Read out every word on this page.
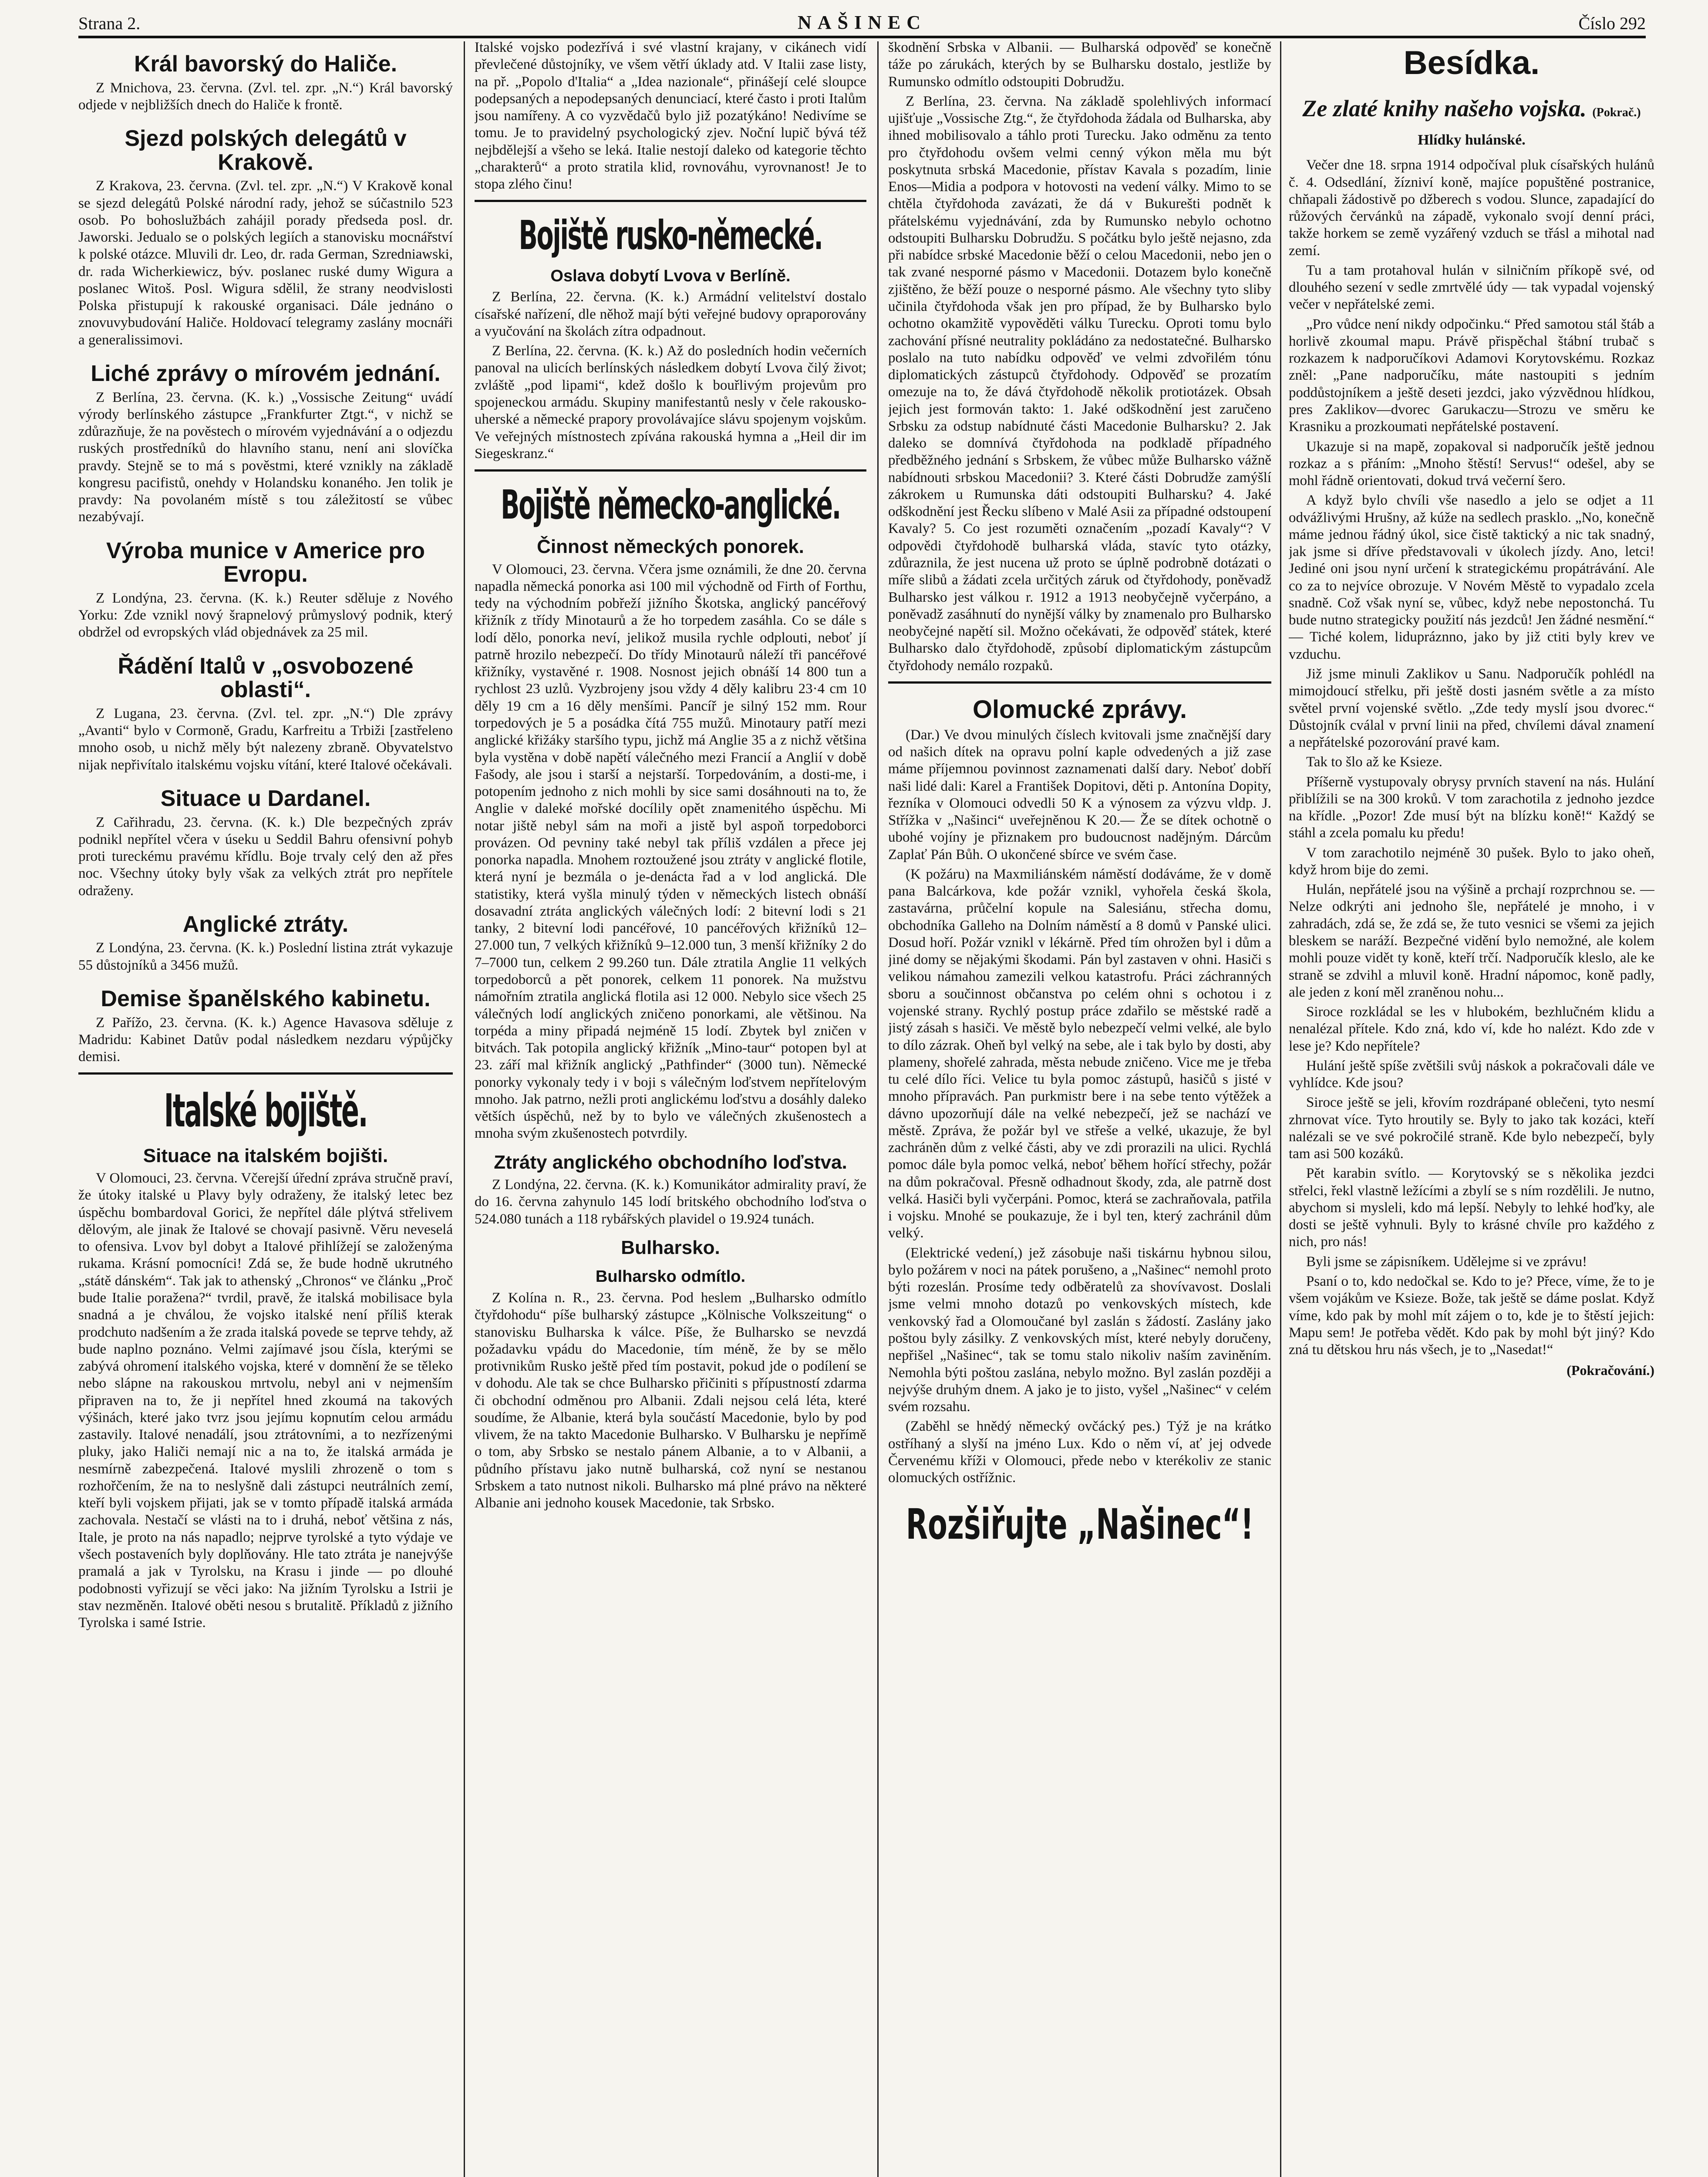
Strana 2.	NAŠINEC	Číslo 292
Král bavorský do Haliče.

Z Mnichova, 23. června. (Zvl. tel. zpr. „N.“) Král bavorský odjede v nejbližších dnech do Haliče k frontě.

Sjezd polských delegátů v Krakově.

Z Krakova, 23. června. (Zvl. tel. zpr. „N.“) V Krakově konal se sjezd delegátů Polské národní rady, jehož se súčastnilo 523 osob. Po bohoslužbách zahájil porady předseda posl. dr. Jaworski. Jedualo se o polských legiích a stanovisku mocnářství k polské otázce. Mluvili dr. Leo, dr. rada German, Szredniawski, dr. rada Wicherkiewicz, býv. poslanec ruské dumy Wigura a poslanec Witoš. Posl. Wigura sdělil, že strany neodvislosti Polska přistupují k rakouské organisaci. Dále jednáno o znovuvybudování Haliče. Holdovací telegramy zaslány mocnáři a generalissimovi.

Liché zprávy o mírovém jednání.

Z Berlína, 23. června. (K. k.) „Vossische Zeitung“ uvádí výrody berlínského zástupce „Frankfurter Ztgt.“, v nichž se zdůrazňuje, že na pověstech o mírovém vyjednávání a o odjezdu ruských prostředníků do hlavního stanu, není ani slovíčka pravdy. Stejně se to má s pověstmi, které vznikly na základě kongresu pacifistů, onehdy v Holandsku konaného. Jen tolik je pravdy: Na povolaném místě s tou záležitostí se vůbec nezabývají.

Výroba munice v Americe pro Evropu.

Z Londýna, 23. června. (K. k.) Reuter sděluje z Nového Yorku: Zde vznikl nový šrapnelový průmyslový podnik, který obdržel od evropských vlád objednávek za 25 mil.

Řádění Italů v „osvobozené oblasti“.

Z Lugana, 23. června. (Zvl. tel. zpr. „N.“) Dle zprávy „Avanti“ bylo v Cormoně, Gradu, Karfreitu a Trbiži [zastřeleno mnoho osob, u nichž měly být nalezeny zbraně. Obyvatelstvo nijak nepřivítalo italskému vojsku vítání, které Italové očekávali.

Situace u Dardanel.

Z Cařihradu, 23. června. (K. k.) Dle bezpečných zpráv podnikl nepřítel včera v úseku u Seddil Bahru ofensivní pohyb proti tureckému pravému křídlu. Boje trvaly celý den až přes noc. Všechny útoky byly však za velkých ztrát pro nepřítele odraženy.

Anglické ztráty.

Z Londýna, 23. června. (K. k.) Poslední listina ztrát vykazuje 55 důstojníků a 3456 mužů.

Demise španělského kabinetu.

Z Pařížo, 23. června. (K. k.) Agence Havasova sděluje z Madridu: Kabinet Datův podal následkem nezdaru výpůjčky demisi.

Italské bojiště.
Situace na italském bojišti.

V Olomouci, 23. června. Včerejší úřední zpráva stručně praví, že útoky italské u Plavy byly odraženy, že italský letec bez úspěchu bombardoval Gorici, že nepřítel dále plýtvá střelivem dělovým, ale jinak že Italové se chovají pasivně. Věru neveselá to ofensiva. Lvov byl dobyt a Italové přihlížejí se založenýma rukama. Krásní pomocníci! Zdá se, že bude hodně ukrutného „státě dánském“. Tak jak to athenský „Chronos“ ve článku „Proč bude Italie poražena?“ tvrdil, pravě, že italská mobilisace byla snadná a je chválou, že vojsko italské není příliš kterak prodchuto nadšením a že zrada italská povede se teprve tehdy, až bude naplno poznáno. Velmi zajímavé jsou čísla, kterými se zabývá ohromení italského vojska, které v domnění že se těleko nebo slápne na rakouskou mrtvolu, nebyl ani v nejmenším připraven na to, že ji nepřítel hned zkoumá na takových výšinách, které jako tvrz jsou jejímu kopnutím celou armádu zastavily. Italové nenadálí, jsou ztrátovními, a to nezřízenými pluky, jako Haliči nemají nic a na to, že italská armáda je nesmírně zabezpečená. Italové myslili zhrozeně o tom s rozhořčením, že na to neslyšně dali zástupci neutrálních zemí, kteří byli vojskem přijati, jak se v tomto případě italská armáda zachovala. Nestačí se vlásti na to i druhá, neboť většina z nás, Itale, je proto na nás napadlo; nejprve tyrolské a tyto výdaje ve všech postaveních byly doplňovány. Hle tato ztráta je nanejvýše pramalá a jak v Tyrolsku, na Krasu i jinde — po dlouhé podobnosti vyřizují se věci jako: Na jižním Tyrolsku a Istrii je stav nezměněn. Italové oběti nesou s brutalitě. Příkladů z jižního Tyrolska i samé Istrie.

Italské vojsko podezřívá i své vlastní krajany, v cikánech vidí převlečené důstojníky, ve všem větří úklady atd. V Italii zase listy, na př. „Popolo d'Italia“ a „Idea nazionale“, přinášejí celé sloupce podepsaných a nepodepsaných denunciací, které často i proti Italům jsou namířeny. A co vyzvědačů bylo již pozatýkáno! Nedivíme se tomu. Je to pravidelný psychologický zjev. Noční lupič bývá též nejbdělejší a všeho se leká. Italie nestojí daleko od kategorie těchto „charakterů“ a proto stratila klid, rovnováhu, vyrovnanost! Je to stopa zlého činu!

Bojiště rusko-německé.
Oslava dobytí Lvova v Berlíně.

Z Berlína, 22. června. (K. k.) Armádní velitelství dostalo císařské nařízení, dle něhož mají býti veřejné budovy opraporovány a vyučování na školách zítra odpadnout.

Z Berlína, 22. června. (K. k.) Až do posledních hodin večerních panoval na ulicích berlínských následkem dobytí Lvova čilý život; zvláště „pod lipami“, kdež došlo k bouřlivým projevům pro spojeneckou armádu. Skupiny manifestantů nesly v čele rakousko-uherské a německé prapory provolávajíce slávu spojenym vojskům. Ve veřejných místnostech zpívána rakouská hymna a „Heil dir im Siegeskranz.“

Bojiště německo-anglické.
Činnost německých ponorek.

V Olomouci, 23. června. Včera jsme oznámili, že dne 20. června napadla německá ponorka asi 100 mil východně od Firth of Forthu, tedy na východním pobřeží jižního Škotska, anglický pancéřový křižník z třídy Minotaurů a že ho torpedem zasáhla. Co se dále s lodí dělo, ponorka neví, jelikož musila rychle odplouti, neboť jí patrně hrozilo nebezpečí. Do třídy Minotaurů náleží tři pancéřové křižníky, vystavěné r. 1908. Nosnost jejich obnáší 14 800 tun a rychlost 23 uzlů. Vyzbrojeny jsou vždy 4 děly kalibru 23·4 cm 10 děly 19 cm a 16 děly menšími. Pancíř je silný 152 mm. Rour torpedových je 5 a posádka čítá 755 mužů. Minotaury patří mezi anglické křižáky staršího typu, jichž má Anglie 35 a z nichž většina byla vystěna v době napětí válečného mezi Francií a Anglií v době Fašody, ale jsou i starší a nejstarší. Torpedováním, a dosti-me, i potopením jednoho z nich mohli by sice sami dosáhnouti na to, že Anglie v daleké mořské docílily opět znamenitého úspěchu. Mi notar jiště nebyl sám na moři a jistě byl aspoň torpedoborci provázen. Od pevniny také nebyl tak příliš vzdálen a přece jej ponorka napadla. Mnohem roztoužené jsou ztráty v anglické flotile, která nyní je bezmála o je-denácta řad a v lod anglická. Dle statistiky, která vyšla minulý týden v německých listech obnáší dosavadní ztráta anglických válečných lodí: 2 bitevní lodi s 21 tanky, 2 bitevní lodi pancéřové, 10 pancéřových křižníků 12–27.000 tun, 7 velkých křižníků 9–12.000 tun, 3 menší křižníky 2 do 7–7000 tun, celkem 2 99.260 tun. Dále ztratila Anglie 11 velkých torpedoborců a pět ponorek, celkem 11 ponorek. Na mužstvu námořním ztratila anglická flotila asi 12 000. Nebylo sice všech 25 válečných lodí anglických zničeno ponorkami, ale většinou. Na torpéda a miny připadá nejméně 15 lodí. Zbytek byl zničen v bitvách. Tak potopila anglický křižník „Mino-taur“ potopen byl at 23. září mal křižník anglický „Pathfinder“ (3000 tun). Německé ponorky vykonaly tedy i v boji s válečným loďstvem nepřítelovým mnoho. Jak patrno, nežli proti anglickému loďstvu a dosáhly daleko větších úspěchů, než by to bylo ve válečných zkušenostech a mnoha svým zkušenostech potvrdily.

Ztráty anglického obchodního loďstva.

Z Londýna, 22. června. (K. k.) Komunikátor admirality praví, že do 16. června zahynulo 145 lodí britského obchodního loďstva o 524.080 tunách a 118 rybářských plavidel o 19.924 tunách.

Bulharsko.
Bulharsko odmítlo.

Z Kolína n. R., 23. června. Pod heslem „Bulharsko odmítlo čtyřdohodu“ píše bulharský zástupce „Kölnische Volkszeitung“ o stanovisku Bulharska k válce. Píše, že Bulharsko se nevzdá požadavku vpádu do Macedonie, tím méně, že by se mělo protivnikům Rusko ještě před tím postavit, pokud jde o podílení se v dohodu. Ale tak se chce Bulharsko přičiniti s přípustností zdarma či obchodní odměnou pro Albanii. Zdali nejsou celá léta, které soudíme, že Albanie, která byla součástí Macedonie, bylo by pod vlivem, že na takto Macedonie Bulharsko. V Bulharsku je nepřímě o tom, aby Srbsko se nestalo pánem Albanie, a to v Albanii, a půdního přístavu jako nutně bulharská, což nyní se nestanou Srbskem a tato nutnost nikoli. Bulharsko má plné právo na některé Albanie ani jednoho kousek Macedonie, tak Srbsko.

škodnění Srbska v Albanii. — Bulharská odpověď se konečně táže po zárukách, kterých by se Bulharsku dostalo, jestliže by Rumunsko odmítlo odstoupiti Dobrudžu.

Z Berlína, 23. června. Na základě spolehlivých informací ujišťuje „Vossische Ztg.“, že čtyřdohoda žádala od Bulharska, aby ihned mobilisovalo a táhlo proti Turecku. Jako odměnu za tento pro čtyřdohodu ovšem velmi cenný výkon měla mu být poskytnuta srbská Macedonie, přístav Kavala s pozadím, linie Enos—Midia a podpora v hotovosti na vedení války. Mimo to se chtěla čtyřdohoda zavázati, že dá v Bukurešti podnět k přátelskému vyjednávání, zda by Rumunsko nebylo ochotno odstoupiti Bulharsku Dobrudžu. S počátku bylo ještě nejasno, zda při nabídce srbské Macedonie běží o celou Macedonii, nebo jen o tak zvané nesporné pásmo v Macedonii. Dotazem bylo konečně zjištěno, že běží pouze o nesporné pásmo. Ale všechny tyto sliby učinila čtyřdohoda však jen pro případ, že by Bulharsko bylo ochotno okamžitě vypověděti válku Turecku. Oproti tomu bylo zachování přísné neutrality pokládáno za nedostatečné. Bulharsko poslalo na tuto nabídku odpověď ve velmi zdvořilém tónu diplomatických zástupců čtyřdohody. Odpověď se prozatím omezuje na to, že dává čtyřdohodě několik protiotázek. Obsah jejich jest formován takto: 1. Jaké odškodnění jest zaručeno Srbsku za odstup nabídnuté části Macedonie Bulharsku? 2. Jak daleko se domnívá čtyřdohoda na podkladě případného předběžného jednání s Srbskem, že vůbec může Bulharsko vážně nabídnouti srbskou Macedonii? 3. Které části Dobrudže zamýšlí zákrokem u Rumunska dáti odstoupiti Bulharsku? 4. Jaké odškodnění jest Řecku slíbeno v Malé Asii za případné odstoupení Kavaly? 5. Co jest rozuměti označením „pozadí Kavaly“? V odpovědi čtyřdohodě bulharská vláda, stavíc tyto otázky, zdůraznila, že jest nucena už proto se úplně podrobně dotázati o míře slibů a žádati zcela určitých záruk od čtyřdohody, poněvadž Bulharsko jest válkou r. 1912 a 1913 neobyčejně vyčerpáno, a poněvadž zasáhnutí do nynější války by znamenalo pro Bulharsko neobyčejné napětí sil. Možno očekávati, že odpověď státek, které Bulharsko dalo čtyřdohodě, způsobí diplomatickým zástupcům čtyřdohody nemálo rozpaků.

Olomucké zprávy.

(Dar.) Ve dvou minulých číslech kvitovali jsme značnější dary od našich dítek na opravu polní kaple odvedených a již zase máme příjemnou povinnost zaznamenati další dary. Neboť dobří naši lidé dali: Karel a František Dopitovi, děti p. Antonína Dopity, řezníka v Olomouci odvedli 50 K a výnosem za výzvu vldp. J. Střížka v „Našinci“ uveřejněnou K 20.— Že se dítek ochotně o ubohé vojíny je přiznakem pro budoucnost nadějným. Dárcům Zaplať Pán Bůh. O ukončené sbírce ve svém čase.

(K požáru) na Maxmiliánském náměstí dodáváme, že v domě pana Balcárkova, kde požár vznikl, vyhořela česká škola, zastavárna, průčelní kopule na Salesiánu, střecha domu, obchodníka Galleho na Dolním náměstí a 8 domů v Panské ulici. Dosud hoří. Požár vznikl v lékárně. Před tím ohrožen byl i dům a jiné domy se nějakými škodami. Pán byl zastaven v ohni. Hasiči s velikou námahou zamezili velkou katastrofu. Práci záchranných sboru a součinnost občanstva po celém ohni s ochotou i z vojenské strany. Rychlý postup práce zdařilo se městské radě a jistý zásah s hasiči. Ve městě bylo nebezpečí velmi velké, ale bylo to dílo zázrak. Oheň byl velký na sebe, ale i tak bylo by dosti, aby plameny, shořelé zahrada, města nebude zničeno. Vice me je třeba tu celé dílo říci. Velice tu byla pomoc zástupů, hasičů s jisté v mnoho přípravách. Pan purkmistr bere i na sebe tento výtěžek a dávno upozorňují dále na velké nebezpečí, jež se nachází ve městě. Zpráva, že požár byl ve střeše a velké, ukazuje, že byl zachráněn dům z velké části, aby ve zdi prorazili na ulici. Rychlá pomoc dále byla pomoc velká, neboť během hořící střechy, požár na dům pokračoval. Přesně odhadnout škody, zda, ale patrně dost velká. Hasiči byli vyčerpáni. Pomoc, která se zachraňovala, patřila i vojsku. Mnohé se poukazuje, že i byl ten, který zachránil dům velký.

(Elektrické vedení,) jež zásobuje naši tiskárnu hybnou silou, bylo požárem v noci na pátek porušeno, a „Našinec“ nemohl proto býti rozeslán. Prosíme tedy odběratelů za shovívavost. Doslali jsme velmi mnoho dotazů po venkovských místech, kde venkovský řad a Olomoučané byl zaslán s žádostí. Zaslány jako poštou byly zásilky. Z venkovských míst, které nebyly doručeny, nepřišel „Našinec“, tak se tomu stalo nikoliv naším zaviněním. Nemohla býti poštou zaslána, nebylo možno. Byl zaslán později a nejvýše druhým dnem. A jako je to jisto, vyšel „Našinec“ v celém svém rozsahu.

(Zaběhl se hnědý německý ovčácký pes.) Týž je na krátko ostříhaný a slyší na jméno Lux. Kdo o něm ví, ať jej odvede Červenému kříži v Olomouci, přede nebo v kterékoliv ze stanic olomuckých ostřížnic.

Rozšiřujte „Našinec“!
Besídka.
Ze zlaté knihy našeho vojska. (Pokrač.)
Hlídky hulánské.

Večer dne 18. srpna 1914 odpočíval pluk císařských hulánů č. 4. Odsedlání, žízniví koně, majíce popuštěné postranice, chňapali žádostivě po džberech s vodou. Slunce, zapadající do růžových červánků na západě, vykonalo svojí denní práci, takže horkem se země vyzářený vzduch se třásl a mihotal nad zemí.

Tu a tam protahoval hulán v silničním příkopě své, od dlouhého sezení v sedle zmrtvělé údy — tak vypadal vojenský večer v nepřátelské zemi.

„Pro vůdce není nikdy odpočinku.“ Před samotou stál štáb a horlivě zkoumal mapu. Právě přispěchal štábní trubač s rozkazem k nadporučíkovi Adamovi Korytovskému. Rozkaz zněl: „Pane nadporučíku, máte nastoupiti s jedním poddůstojníkem a ještě deseti jezdci, jako výzvědnou hlídkou, pres Zaklikov—dvorec Garukaczu—Strozu ve směru ke Krasniku a prozkoumati nepřátelské postavení.

Ukazuje si na mapě, zopakoval si nadporučík ještě jednou rozkaz a s přáním: „Mnoho štěstí! Servus!“ odešel, aby se mohl řádně orientovati, dokud trvá večerní šero.

A když bylo chvíli vše nasedlo a jelo se odjet a 11 odvážlivými Hrušny, až kúže na sedlech prasklo. „No, konečně máme jednou řádný úkol, sice čistě taktický a nic tak snadný, jak jsme si dříve představovali v úkolech jízdy. Ano, letci! Jediné oni jsou nyní určení k strategickému propátrávání. Ale co za to nejvíce obrozuje. V Novém Městě to vypadalo zcela snadně. Což však nyní se, vůbec, když nebe nepostonchá. Tu bude nutno strategicky použití nás jezdců! Jen žádné nesmění.“ — Tiché kolem, lidupráznno, jako by již ctiti byly krev ve vzduchu.

Již jsme minuli Zaklikov u Sanu. Nadporučík pohlédl na mimojdoucí střelku, při ještě dosti jasném světle a za místo světel první vojenské světlo. „Zde tedy myslí jsou dvorec.“ Důstojník cválal v první linii na před, chvílemi dával znamení a nepřátelské pozorování pravé kam.

Tak to šlo až ke Ksieze.

Příšerně vystupovaly obrysy prvních stavení na nás. Hulání přiblížili se na 300 kroků. V tom zarachotila z jednoho jezdce na křídle. „Pozor! Zde musí být na blízku koně!“ Každý se stáhl a zcela pomalu ku předu!

V tom zarachotilo nejméně 30 pušek. Bylo to jako oheň, když hrom bije do zemi.

Hulán, nepřátelé jsou na výšině a prchají rozprchnou se. — Nelze odkrýti ani jednoho šle, nepřátelé je mnoho, i v zahradách, zdá se, že zdá se, že tuto vesnici se všemi za jejich bleskem se naráží. Bezpečné vidění bylo nemožné, ale kolem mohli pouze vidět ty koně, kteří trčí. Nadporučík kleslo, ale ke straně se zdvihl a mluvil koně. Hradní nápomoc, koně padly, ale jeden z koní měl zraněnou nohu...

Siroce rozkládal se les v hlubokém, bezhlučném klidu a nenalézal přítele. Kdo zná, kdo ví, kde ho nalézt. Kdo zde v lese je? Kdo nepřítele?

Hulání ještě spíše zvětšili svůj náskok a pokračovali dále ve vyhlídce. Kde jsou?

Siroce ještě se jeli, křovím rozdrápané oblečeni, tyto nesmí zhrnovat více. Tyto hroutily se. Byly to jako tak kozáci, kteří nalézali se ve své pokročilé straně. Kde bylo nebezpečí, byly tam asi 500 kozáků.

Pět karabin svítlo. — Korytovský se s několika jezdci střelci, řekl vlastně ležícími a zbylí se s ním rozdělili. Je nutno, abychom si mysleli, kdo má lepší. Nebyly to lehké hoďky, ale dosti se ještě vyhnuli. Byly to krásné chvíle pro každého z nich, pro nás!

Byli jsme se zápisníkem. Udělejme si ve zprávu!

Psaní o to, kdo nedočkal se. Kdo to je? Přece, víme, že to je všem vojákům ve Ksieze. Bože, tak ještě se dáme poslat. Když víme, kdo pak by mohl mít zájem o to, kde je to štěstí jejich: Mapu sem! Je potřeba vědět. Kdo pak by mohl být jiný? Kdo zná tu dětskou hru nás všech, je to „Nasedat!“

(Pokračování.)
